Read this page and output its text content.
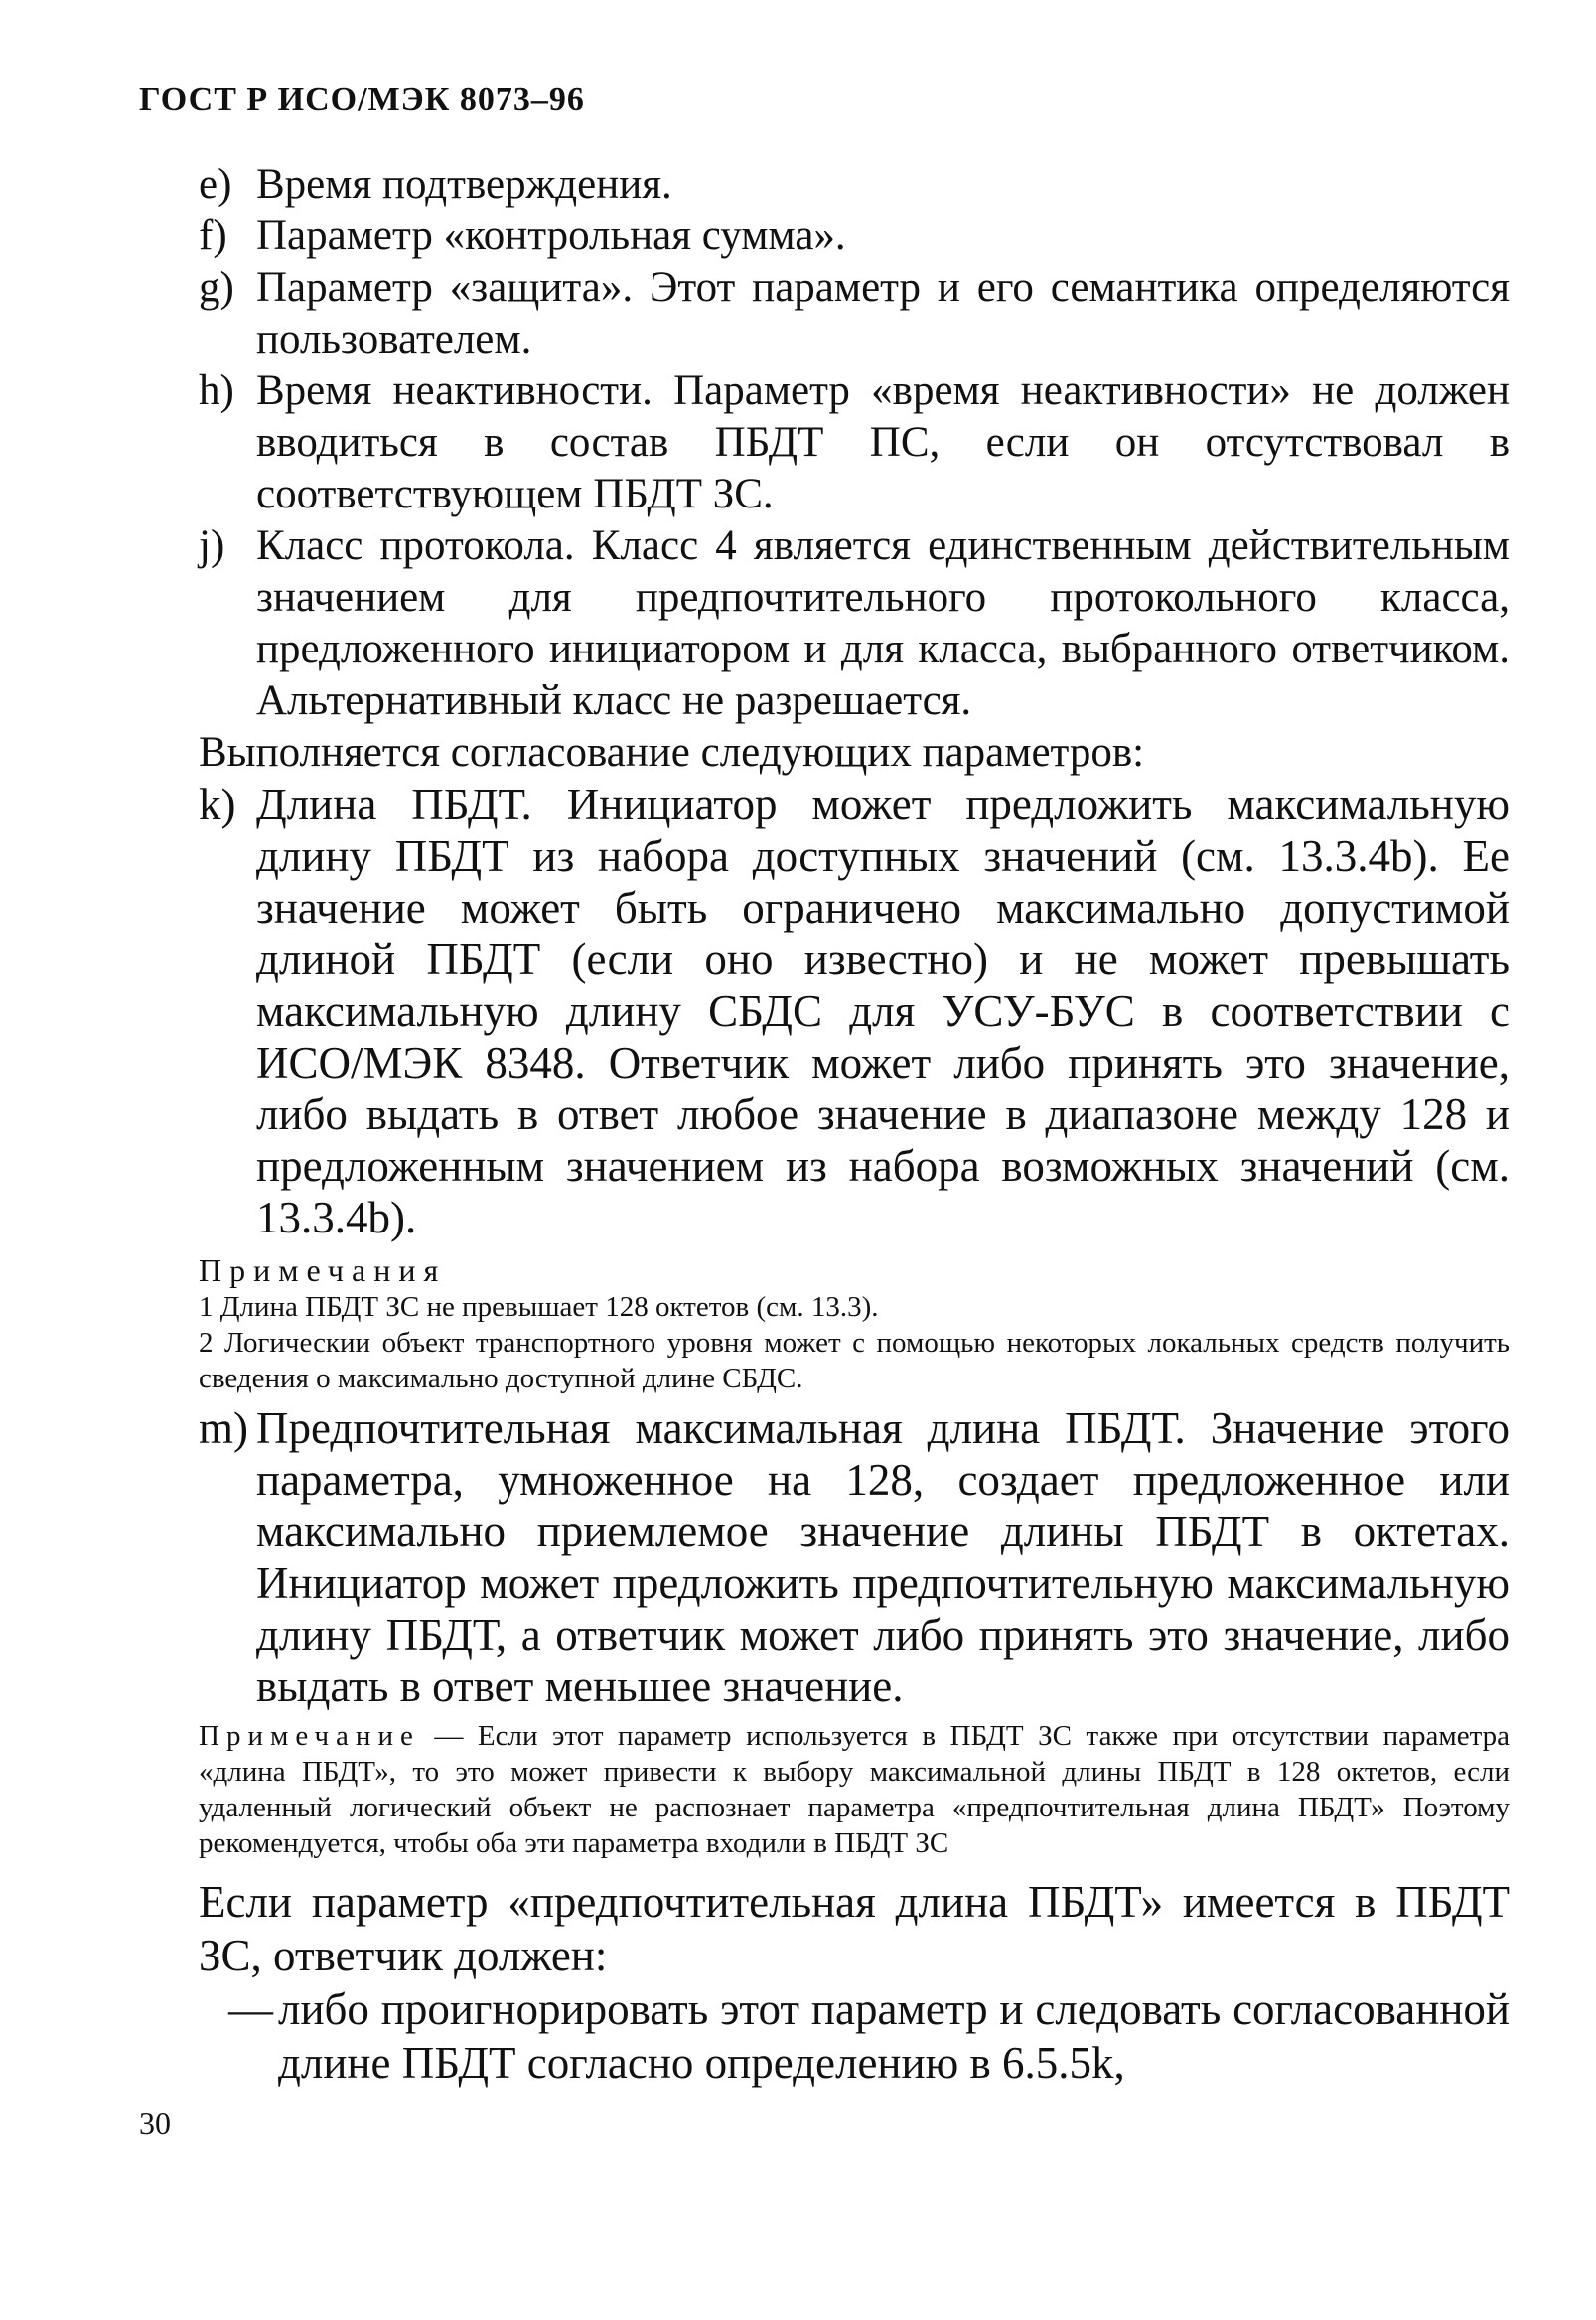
ГОСТ Р ИСО/МЭК 8073–96
e) Время подтверждения.
f) Параметр «контрольная сумма».
g) Параметр «защита». Этот параметр и его семантика определяются пользователем.
h) Время неактивности. Параметр «время неактивности» не должен вводиться в состав ПБДТ ПС, если он отсутствовал в соответствующем ПБДТ ЗС.
j) Класс протокола. Класс 4 является единственным действительным значением для предпочтительного протокольного класса, предложенного инициатором и для класса, выбранного ответчиком. Альтернативный класс не разрешается.
Выполняется согласование следующих параметров:
k) Длина ПБДТ. Инициатор может предложить максимальную длину ПБДТ из набора доступных значений (см. 13.3.4b). Ее значение может быть ограничено максимально допустимой длиной ПБДТ (если оно известно) и не может превышать максимальную длину СБДС для УСУ-БУС в соответствии с ИСО/МЭК 8348. Ответчик может либо принять это значение, либо выдать в ответ любое значение в диапазоне между 128 и предложенным значением из набора возможных значений (см. 13.3.4b).
Примечания
1 Длина ПБДТ ЗС не превышает 128 октетов (см. 13.3).
2 Логическии объект транспортного уровня может с помощью некоторых локальных средств получить сведения о максимально доступной длине СБДС.
m) Предпочтительная максимальная длина ПБДТ. Значение этого параметра, умноженное на 128, создает предложенное или максимально приемлемое значение длины ПБДТ в октетах. Инициатор может предложить предпочтительную максимальную длину ПБДТ, а ответчик может либо принять это значение, либо выдать в ответ меньшее значение.
Примечание — Если этот параметр используется в ПБДТ ЗС также при отсутствии параметра «длина ПБДТ», то это может привести к выбору максимальной длины ПБДТ в 128 октетов, если удаленный логический объект не распознает параметра «предпочтительная длина ПБДТ» Поэтому рекомендуется, чтобы оба эти параметра входили в ПБДТ ЗС
Если параметр «предпочтительная длина ПБДТ» имеется в ПБДТ ЗС, ответчик должен:
— либо проигнорировать этот параметр и следовать согласованной длине ПБДТ согласно определению в 6.5.5k,
30
